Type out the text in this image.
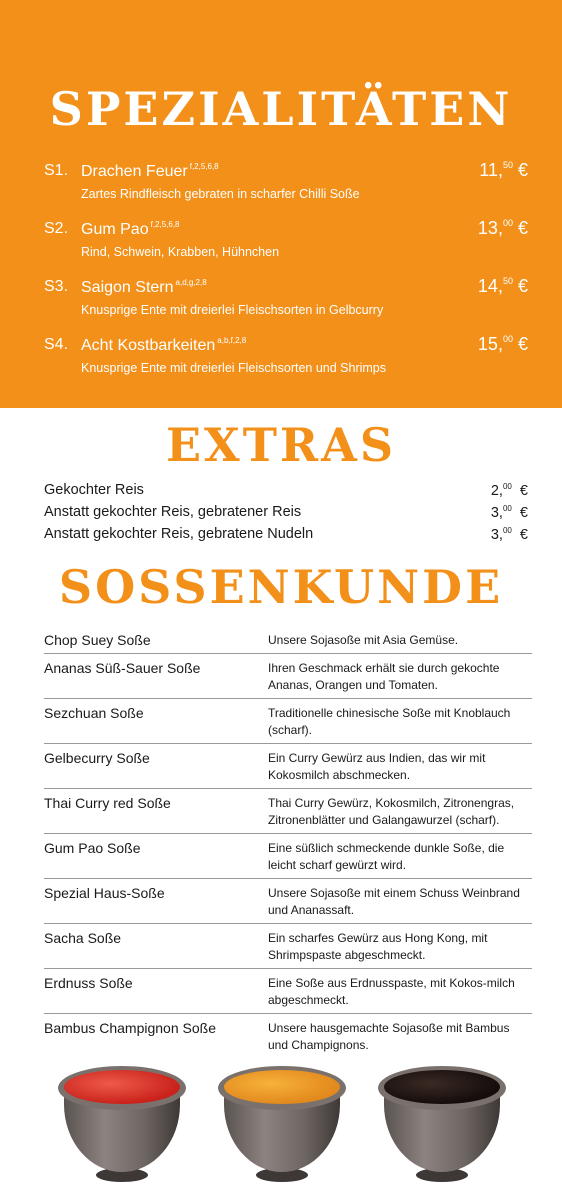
SPEZIALITÄTEN
S1. Drachen Feuer $^{f,2,5,6,8}$
Zartes Rindfleisch gebraten in scharfer Chilli Soße
11,50 €
S2. Gum Pao $^{f,2,5,6,8}$
Rind, Schwein, Krabben, Hühnchen
13,00 €
S3. Saigon Stern $^{a,d,g,2,8}$
Knusprige Ente mit dreierlei Fleischsorten in Gelbcurry
14,50 €
S4. Acht Kostbarkeiten $^{a,b,f,2,8}$
Knusprige Ente mit dreierlei Fleischsorten und Shrimps
15,00 €
EXTRAS
Gekochter Reis	2,00 €
Anstatt gekochter Reis, gebratener Reis	3,00 €
Anstatt gekochter Reis, gebratene Nudeln	3,00 €
SOSSENKUNDE
Chop Suey Soße	Unsere Sojasoße mit Asia Gemüse.
Ananas Süß-Sauer Soße	Ihren Geschmack erhält sie durch gekochte Ananas, Orangen und Tomaten.
Sezchuan Soße	Traditionelle chinesische Soße mit Knoblauch (scharf).
Gelbecurry Soße	Ein Curry Gewürz aus Indien, das wir mit Kokosmilch abschmecken.
Thai Curry red Soße	Thai Curry Gewürz, Kokosmilch, Zitronengras, Zitronenblätter und Galangawurzel (scharf).
Gum Pao Soße	Eine süßlich schmeckende dunkle Soße, die leicht scharf gewürzt wird.
Spezial Haus-Soße	Unsere Sojasoße mit einem Schuss Weinbrand und Ananassaft.
Sacha Soße	Ein scharfes Gewürz aus Hong Kong, mit Shrimpspaste abgeschmeckt.
Erdnuss Soße	Eine Soße aus Erdnusspaste, mit Kokos-milch abgeschmeckt.
Bambus Champignon Soße	Unsere hausgemachte Sojasoße mit Bambus und Champignons.
